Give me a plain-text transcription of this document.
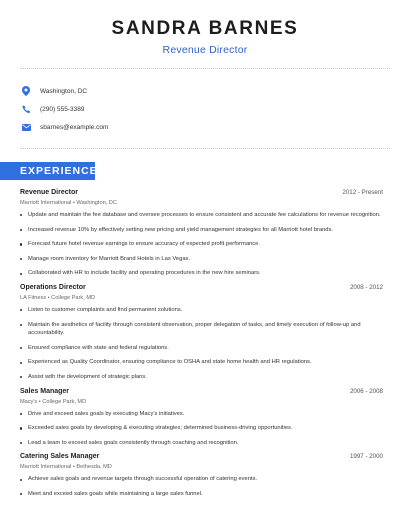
SANDRA BARNES
Revenue Director
Washington, DC
(290) 555-3389
sbarnes@example.com
EXPERIENCE
Revenue Director	2012 - Present
Marriott International • Washington, DC
Update and maintain the fee database and oversee processes to ensure consistent and accurate fee calculations for revenue recognition.
Increased revenue 10% by effectively setting new pricing and yield management strategies for all Marriott hotel brands.
Forecast future hotel revenue earnings to ensure accuracy of expected profit performance.
Manage room inventory for Marriott Brand Hotels in Las Vegas.
Collaborated with HR to include facility and operating procedures in the new hire seminars.
Operations Director	2008 - 2012
LA Fitness • College Park, MD
Listen to customer complaints and find permanent solutions.
Maintain the aesthetics of facility through consistent observation, proper delegation of tasks, and timely execution of follow-up and accountability.
Ensured compliance with state and federal regulations.
Experienced as Quality Coordinator, ensuring compliance to OSHA and state home health and HR regulations.
Assist with the development of strategic plans.
Sales Manager	2006 - 2008
Macy's • College Park, MD
Drive and exceed sales goals by executing Macy's initiatives.
Exceeded sales goals by developing & executing strategies; determined business-driving opportunities.
Lead a team to exceed sales goals consistently through coaching and recognition.
Catering Sales Manager	1997 - 2000
Marriott International • Bethesda, MD
Achieve sales goals and revenue targets through successful operation of catering events.
Meet and exceed sales goals while maintaining a large sales funnel.
